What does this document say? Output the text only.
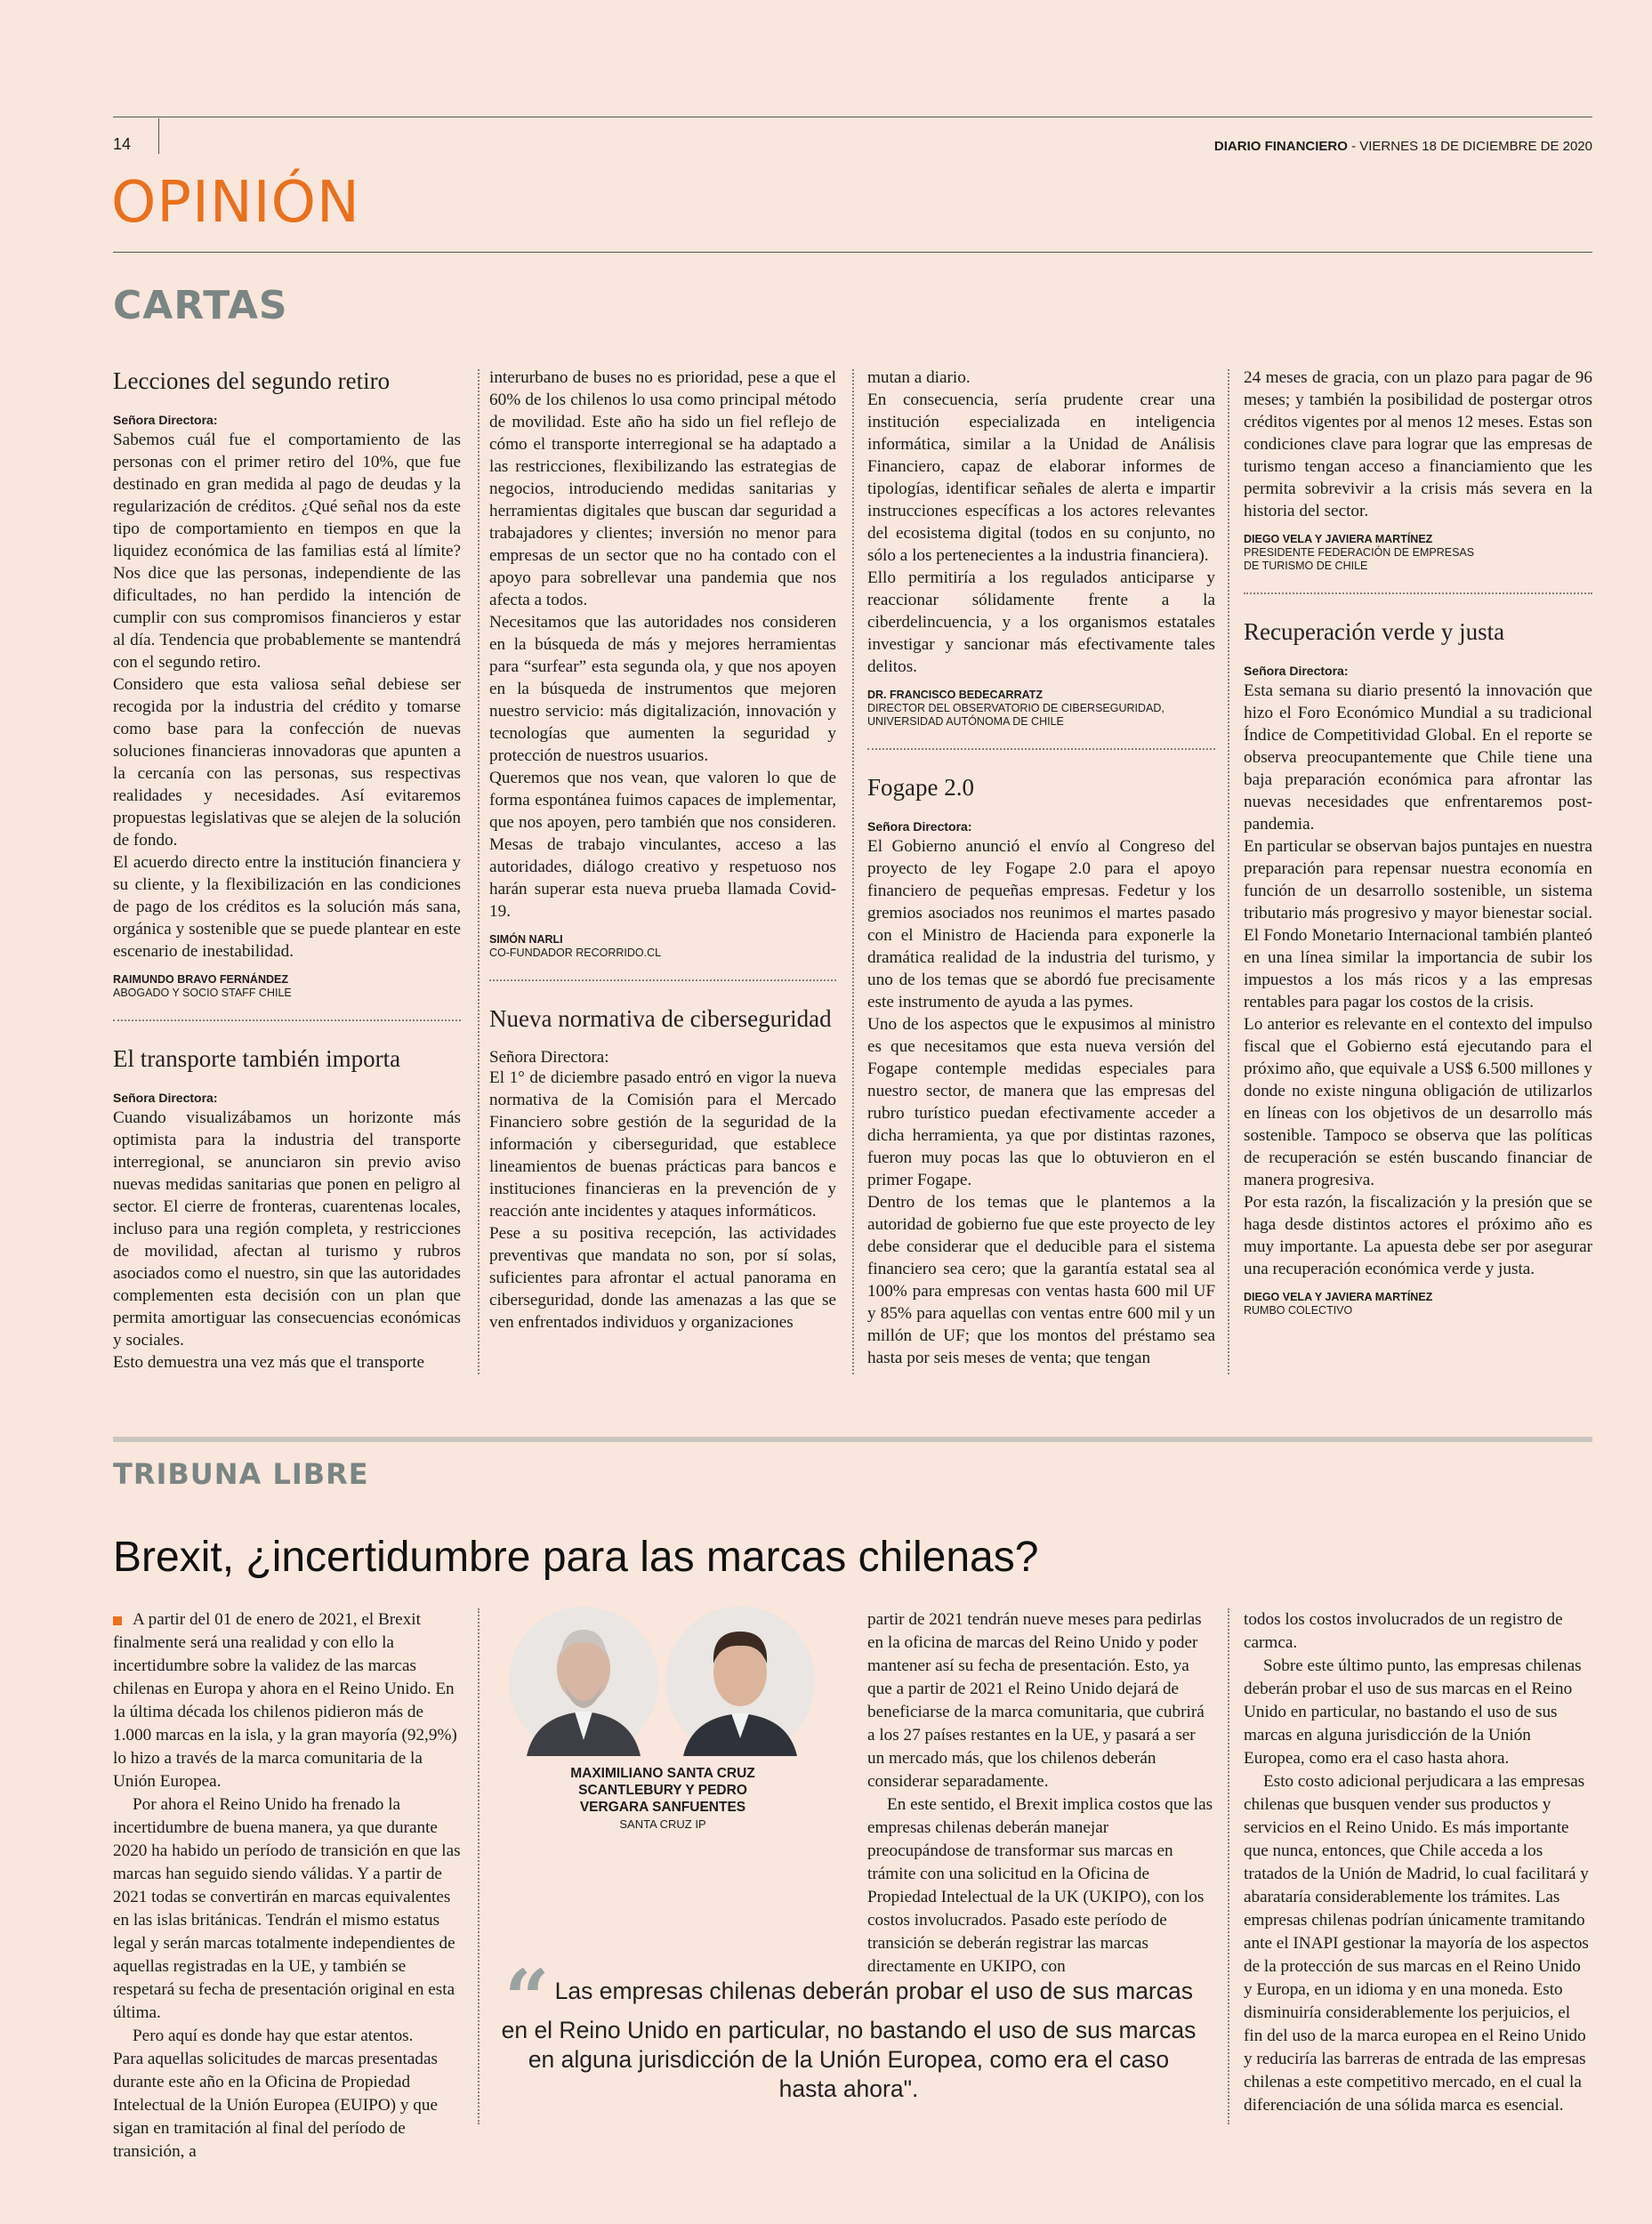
14	DIARIO FINANCIERO - VIERNES 18 DE DICIEMBRE DE 2020
OPINIÓN
CARTAS
Lecciones del segundo retiro
Señora Directora:

Sabemos cuál fue el comportamiento de las personas con el primer retiro del 10%, que fue destinado en gran medida al pago de deudas y la regularización de créditos. ¿Qué señal nos da este tipo de comportamiento en tiempos en que la liquidez económica de las familias está al límite? Nos dice que las personas, independiente de las dificultades, no han perdido la intención de cumplir con sus compromisos financieros y estar al día. Tendencia que probablemente se mantendrá con el segundo retiro.

Considero que esta valiosa señal debiese ser recogida por la industria del crédito y tomarse como base para la confección de nuevas soluciones financieras innovadoras que apunten a la cercanía con las personas, sus respectivas realidades y necesidades. Así evitaremos propuestas legislativas que se alejen de la solución de fondo.

El acuerdo directo entre la institución financiera y su cliente, y la flexibilización en las condiciones de pago de los créditos es la solución más sana, orgánica y sostenible que se puede plantear en este escenario de inestabilidad.

RAIMUNDO BRAVO FERNÁNDEZ
ABOGADO Y SOCIO STAFF CHILE
El transporte también importa
Señora Directora:

Cuando visualizábamos un horizonte más optimista para la industria del transporte interregional, se anunciaron sin previo aviso nuevas medidas sanitarias que ponen en peligro al sector. El cierre de fronteras, cuarentenas locales, incluso para una región completa, y restricciones de movilidad, afectan al turismo y rubros asociados como el nuestro, sin que las autoridades complementen esta decisión con un plan que permita amortiguar las consecuencias económicas y sociales.

Esto demuestra una vez más que el transporte

interurbano de buses no es prioridad, pese a que el 60% de los chilenos lo usa como principal método de movilidad. Este año ha sido un fiel reflejo de cómo el transporte interregional se ha adaptado a las restricciones, flexibilizando las estrategias de negocios, introduciendo medidas sanitarias y herramientas digitales que buscan dar seguridad a trabajadores y clientes; inversión no menor para empresas de un sector que no ha contado con el apoyo para sobrellevar una pandemia que nos afecta a todos.

Necesitamos que las autoridades nos consideren en la búsqueda de más y mejores herramientas para “surfear” esta segunda ola, y que nos apoyen en la búsqueda de instrumentos que mejoren nuestro servicio: más digitalización, innovación y tecnologías que aumenten la seguridad y protección de nuestros usuarios.

Queremos que nos vean, que valoren lo que de forma espontánea fuimos capaces de implementar, que nos apoyen, pero también que nos consideren. Mesas de trabajo vinculantes, acceso a las autoridades, diálogo creativo y respetuoso nos harán superar esta nueva prueba llamada Covid-19.

SIMÓN NARLI
CO-FUNDADOR RECORRIDO.CL
Nueva normativa de ciberseguridad
Señora Directora:

El 1° de diciembre pasado entró en vigor la nueva normativa de la Comisión para el Mercado Financiero sobre gestión de la seguridad de la información y ciberseguridad, que establece lineamientos de buenas prácticas para bancos e instituciones financieras en la prevención de y reacción ante incidentes y ataques informáticos.

Pese a su positiva recepción, las actividades preventivas que mandata no son, por sí solas, suficientes para afrontar el actual panorama en ciberseguridad, donde las amenazas a las que se ven enfrentados individuos y organizaciones

mutan a diario.

En consecuencia, sería prudente crear una institución especializada en inteligencia informática, similar a la Unidad de Análisis Financiero, capaz de elaborar informes de tipologías, identificar señales de alerta e impartir instrucciones específicas a los actores relevantes del ecosistema digital (todos en su conjunto, no sólo a los pertenecientes a la industria financiera).

Ello permitiría a los regulados anticiparse y reaccionar sólidamente frente a la ciberdelincuencia, y a los organismos estatales investigar y sancionar más efectivamente tales delitos.

DR. FRANCISCO BEDECARRATZ
DIRECTOR DEL OBSERVATORIO DE CIBERSEGURIDAD,
UNIVERSIDAD AUTÓNOMA DE CHILE
Fogape 2.0
Señora Directora:

El Gobierno anunció el envío al Congreso del proyecto de ley Fogape 2.0 para el apoyo financiero de pequeñas empresas. Fedetur y los gremios asociados nos reunimos el martes pasado con el Ministro de Hacienda para exponerle la dramática realidad de la industria del turismo, y uno de los temas que se abordó fue precisamente este instrumento de ayuda a las pymes.

Uno de los aspectos que le expusimos al ministro es que necesitamos que esta nueva versión del Fogape contemple medidas especiales para nuestro sector, de manera que las empresas del rubro turístico puedan efectivamente acceder a dicha herramienta, ya que por distintas razones, fueron muy pocas las que lo obtuvieron en el primer Fogape.

Dentro de los temas que le plantemos a la autoridad de gobierno fue que este proyecto de ley debe considerar que el deducible para el sistema financiero sea cero; que la garantía estatal sea al 100% para empresas con ventas hasta 600 mil UF y 85% para aquellas con ventas entre 600 mil y un millón de UF; que los montos del préstamo sea hasta por seis meses de venta; que tengan

24 meses de gracia, con un plazo para pagar de 96 meses; y también la posibilidad de postergar otros créditos vigentes por al menos 12 meses. Estas son condiciones clave para lograr que las empresas de turismo tengan acceso a financiamiento que les permita sobrevivir a la crisis más severa en la historia del sector.

DIEGO VELA Y JAVIERA MARTÍNEZ
PRESIDENTE FEDERACIÓN DE EMPRESAS
DE TURISMO DE CHILE
Recuperación verde y justa
Señora Directora:

Esta semana su diario presentó la innovación que hizo el Foro Económico Mundial a su tradicional Índice de Competitividad Global. En el reporte se observa preocupantemente que Chile tiene una baja preparación económica para afrontar las nuevas necesidades que enfrentaremos post-pandemia.

En particular se observan bajos puntajes en nuestra preparación para repensar nuestra economía en función de un desarrollo sostenible, un sistema tributario más progresivo y mayor bienestar social. El Fondo Monetario Internacional también planteó en una línea similar la importancia de subir los impuestos a los más ricos y a las empresas rentables para pagar los costos de la crisis.

Lo anterior es relevante en el contexto del impulso fiscal que el Gobierno está ejecutando para el próximo año, que equivale a US$ 6.500 millones y donde no existe ninguna obligación de utilizarlos en líneas con los objetivos de un desarrollo más sostenible. Tampoco se observa que las políticas de recuperación se estén buscando financiar de manera progresiva.

Por esta razón, la fiscalización y la presión que se haga desde distintos actores el próximo año es muy importante. La apuesta debe ser por asegurar una recuperación económica verde y justa.

DIEGO VELA Y JAVIERA MARTÍNEZ
RUMBO COLECTIVO
TRIBUNA LIBRE
Brexit, ¿incertidumbre para las marcas chilenas?

A partir del 01 de enero de 2021, el Brexit finalmente será una realidad y con ello la incertidumbre sobre la validez de las marcas chilenas en Europa y ahora en el Reino Unido. En la última década los chilenos pidieron más de 1.000 marcas en la isla, y la gran mayoría (92,9%) lo hizo a través de la marca comunitaria de la Unión Europea.

Por ahora el Reino Unido ha frenado la incertidumbre de buena manera, ya que durante 2020 ha habido un período de transición en que las marcas han seguido siendo válidas. Y a partir de 2021 todas se convertirán en marcas equivalentes en las islas británicas. Tendrán el mismo estatus legal y serán marcas totalmente independientes de aquellas registradas en la UE, y también se respetará su fecha de presentación original en esta última.

Pero aquí es donde hay que estar atentos.

Para aquellas solicitudes de marcas presentadas durante este año en la Oficina de Propiedad Intelectual de la Unión Europea (EUIPO) y que sigan en tramitación al final del período de transición, a

MAXIMILIANO SANTA CRUZ
SCANTLEBURY Y PEDRO
VERGARA SANFUENTES
SANTA CRUZ IP

partir de 2021 tendrán nueve meses para pedirlas en la oficina de marcas del Reino Unido y poder mantener así su fecha de presentación. Esto, ya que a partir de 2021 el Reino Unido dejará de beneficiarse de la marca comunitaria, que cubrirá a los 27 países restantes en la UE, y pasará a ser un mercado más, que los chilenos deberán considerar separadamente.

En este sentido, el Brexit implica costos que las empresas chilenas deberán manejar preocupándose de transformar sus marcas en trámite con una solicitud en la Oficina de Propiedad Intelectual de la UK (UKIPO), con los costos involucrados. Pasado este período de transición se deberán registrar las marcas directamente en UKIPO, con

todos los costos involucrados de un registro de carmca.

Sobre este último punto, las empresas chilenas deberán probar el uso de sus marcas en el Reino Unido en particular, no bastando el uso de sus marcas en alguna jurisdicción de la Unión Europea, como era el caso hasta ahora.

Esto costo adicional perjudicara a las empresas chilenas que busquen vender sus productos y servicios en el Reino Unido. Es más importante que nunca, entonces, que Chile acceda a los tratados de la Unión de Madrid, lo cual facilitará y abarataría considerablemente los trámites. Las empresas chilenas podrían únicamente tramitando ante el INAPI gestionar la mayoría de los aspectos de la protección de sus marcas en el Reino Unido y Europa, en un idioma y en una moneda. Esto disminuiría considerablemente los perjuicios, el fin del uso de la marca europea en el Reino Unido y reduciría las barreras de entrada de las empresas chilenas a este competitivo mercado, en el cual la diferenciación de una sólida marca es esencial.

“ Las empresas chilenas deberán probar el uso de sus marcas en el Reino Unido en particular, no bastando el uso de sus marcas en alguna jurisdicción de la Unión Europea, como era el caso hasta ahora".
